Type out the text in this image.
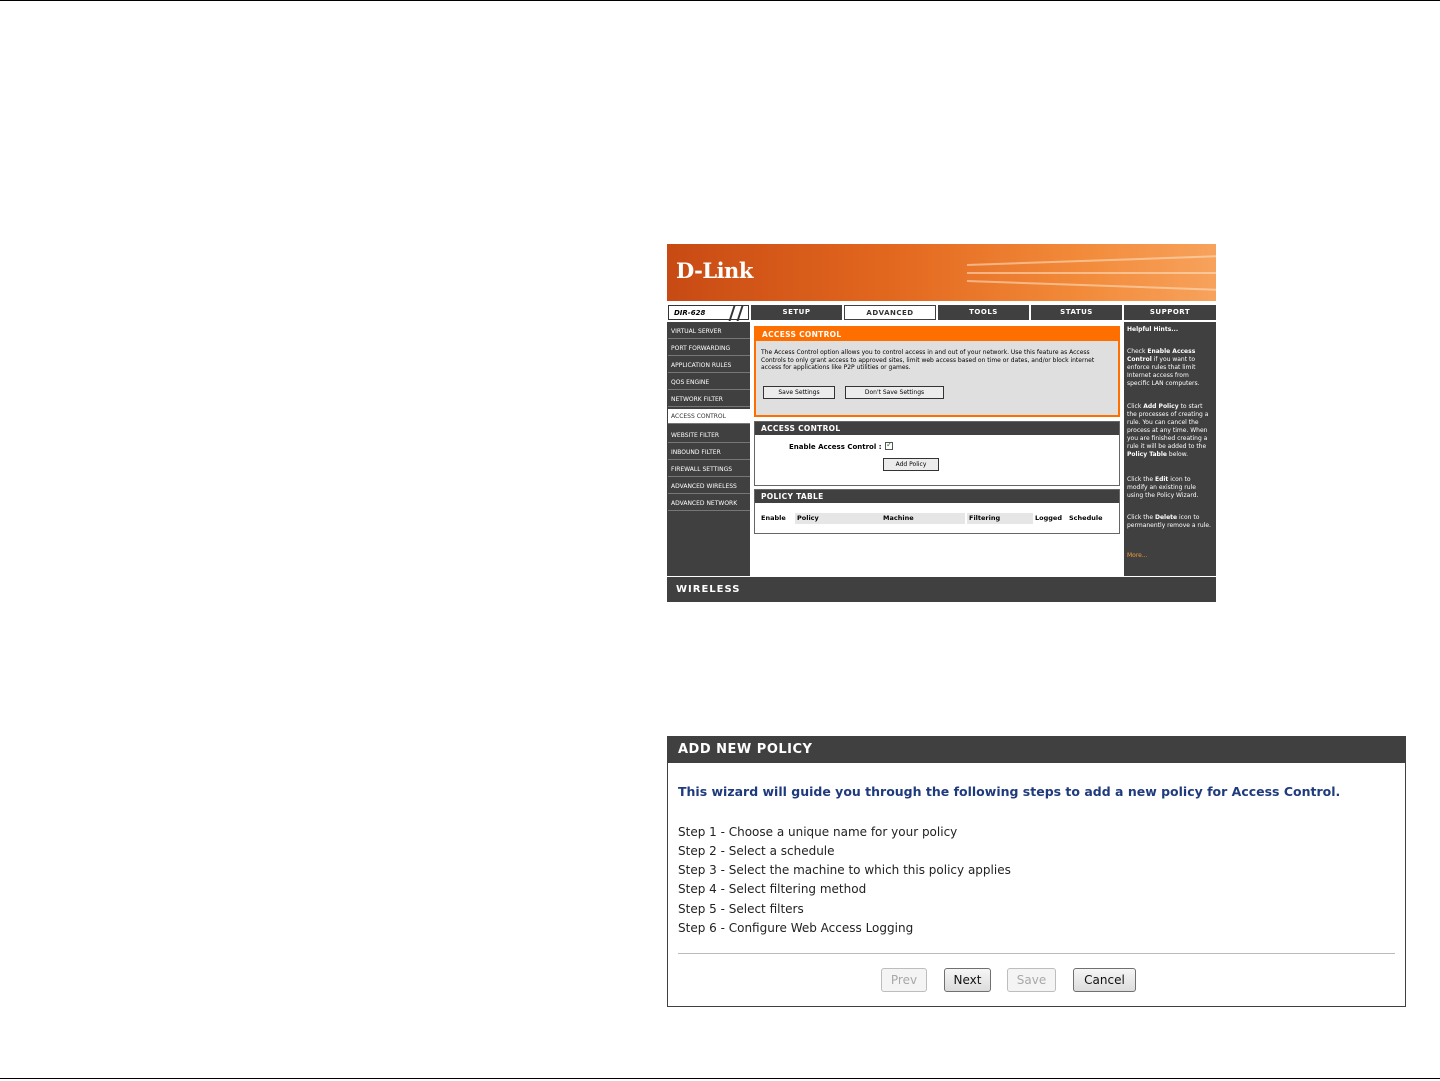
D-Link
DIR-628	SETUP	ADVANCED	TOOLS	STATUS	SUPPORT
VIRTUAL SERVER
PORT FORWARDING
APPLICATION RULES
QOS ENGINE
NETWORK FILTER
ACCESS CONTROL
WEBSITE FILTER
INBOUND FILTER
FIREWALL SETTINGS
ADVANCED WIRELESS
ADVANCED NETWORK
ACCESS CONTROL
The Access Control option allows you to control access in and out of your network. Use this feature as Access Controls to only grant access to approved sites, limit web access based on time or dates, and/or block internet access for applications like P2P utilities or games.
Save Settings	Don't Save Settings
ACCESS CONTROL
Enable Access Control : ✓
Add Policy
POLICY TABLE
Enable	Policy	Machine	Filtering	Logged Schedule

Helpful Hints...

Check Enable Access Control if you want to enforce rules that limit Internet access from specific LAN computers.

Click Add Policy to start the processes of creating a rule. You can cancel the process at any time. When you are finished creating a rule it will be added to the Policy Table below.

Click the Edit icon to modify an existing rule using the Policy Wizard.

Click the Delete icon to permanently remove a rule.

More...

WIRELESS
ADD NEW POLICY
This wizard will guide you through the following steps to add a new policy for Access Control.
Step 1 - Choose a unique name for your policy
Step 2 - Select a schedule
Step 3 - Select the machine to which this policy applies
Step 4 - Select filtering method
Step 5 - Select filters
Step 6 - Configure Web Access Logging
Prev	Next	Save	Cancel
